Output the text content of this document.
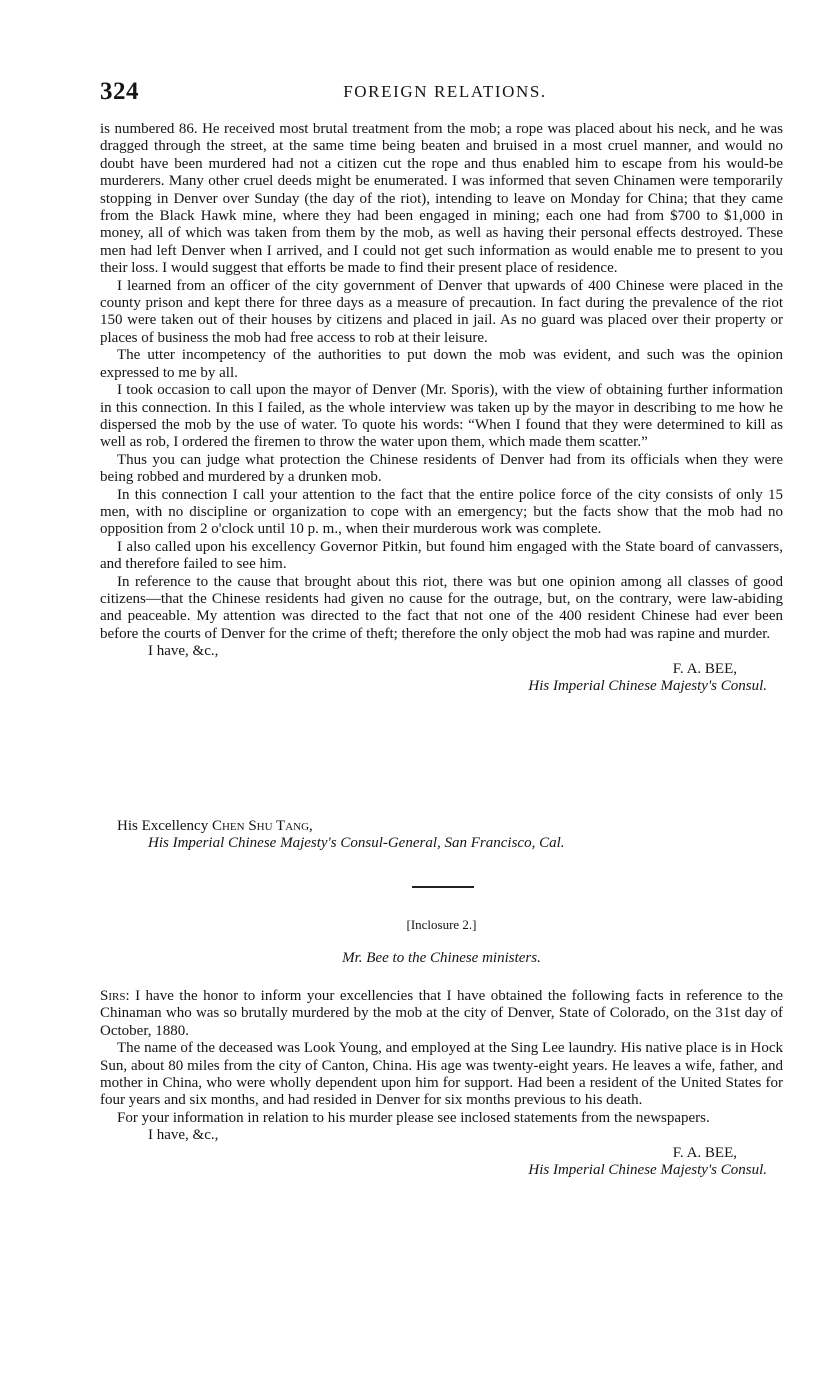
324	FOREIGN RELATIONS.

is numbered 86. He received most brutal treatment from the mob; a rope was placed about his neck, and he was dragged through the street, at the same time being beaten and bruised in a most cruel manner, and would no doubt have been murdered had not a citizen cut the rope and thus enabled him to escape from his would-be murderers. Many other cruel deeds might be enumerated. I was informed that seven Chinamen were temporarily stopping in Denver over Sunday (the day of the riot), intending to leave on Monday for China; that they came from the Black Hawk mine, where they had been engaged in mining; each one had from $700 to $1,000 in money, all of which was taken from them by the mob, as well as having their personal effects destroyed. These men had left Denver when I arrived, and I could not get such information as would enable me to present to you their loss. I would suggest that efforts be made to find their present place of residence.

I learned from an officer of the city government of Denver that upwards of 400 Chinese were placed in the county prison and kept there for three days as a measure of precaution. In fact during the prevalence of the riot 150 were taken out of their houses by citizens and placed in jail. As no guard was placed over their property or places of business the mob had free access to rob at their leisure.

The utter incompetency of the authorities to put down the mob was evident, and such was the opinion expressed to me by all.

I took occasion to call upon the mayor of Denver (Mr. Sporis), with the view of obtaining further information in this connection. In this I failed, as the whole interview was taken up by the mayor in describing to me how he dispersed the mob by the use of water. To quote his words: “When I found that they were determined to kill as well as rob, I ordered the firemen to throw the water upon them, which made them scatter.”

Thus you can judge what protection the Chinese residents of Denver had from its officials when they were being robbed and murdered by a drunken mob.

In this connection I call your attention to the fact that the entire police force of the city consists of only 15 men, with no discipline or organization to cope with an emergency; but the facts show that the mob had no opposition from 2 o'clock until 10 p. m., when their murderous work was complete.

I also called upon his excellency Governor Pitkin, but found him engaged with the State board of canvassers, and therefore failed to see him.

In reference to the cause that brought about this riot, there was but one opinion among all classes of good citizens—that the Chinese residents had given no cause for the outrage, but, on the contrary, were law-abiding and peaceable. My attention was directed to the fact that not one of the 400 resident Chinese had ever been before the courts of Denver for the crime of theft; therefore the only object the mob had was rapine and murder.

I have, &c.,

F. A. BEE,

His Imperial Chinese Majesty's Consul.

His Excellency Chen Shu Tang,

His Imperial Chinese Majesty's Consul-General, San Francisco, Cal.

[Inclosure 2.]
Mr. Bee to the Chinese ministers.

Sirs: I have the honor to inform your excellencies that I have obtained the following facts in reference to the Chinaman who was so brutally murdered by the mob at the city of Denver, State of Colorado, on the 31st day of October, 1880.

The name of the deceased was Look Young, and employed at the Sing Lee laundry. His native place is in Hock Sun, about 80 miles from the city of Canton, China. His age was twenty-eight years. He leaves a wife, father, and mother in China, who were wholly dependent upon him for support. Had been a resident of the United States for four years and six months, and had resided in Denver for six months previous to his death.

For your information in relation to his murder please see inclosed statements from the newspapers.

I have, &c.,

F. A. BEE,

His Imperial Chinese Majesty's Consul.
